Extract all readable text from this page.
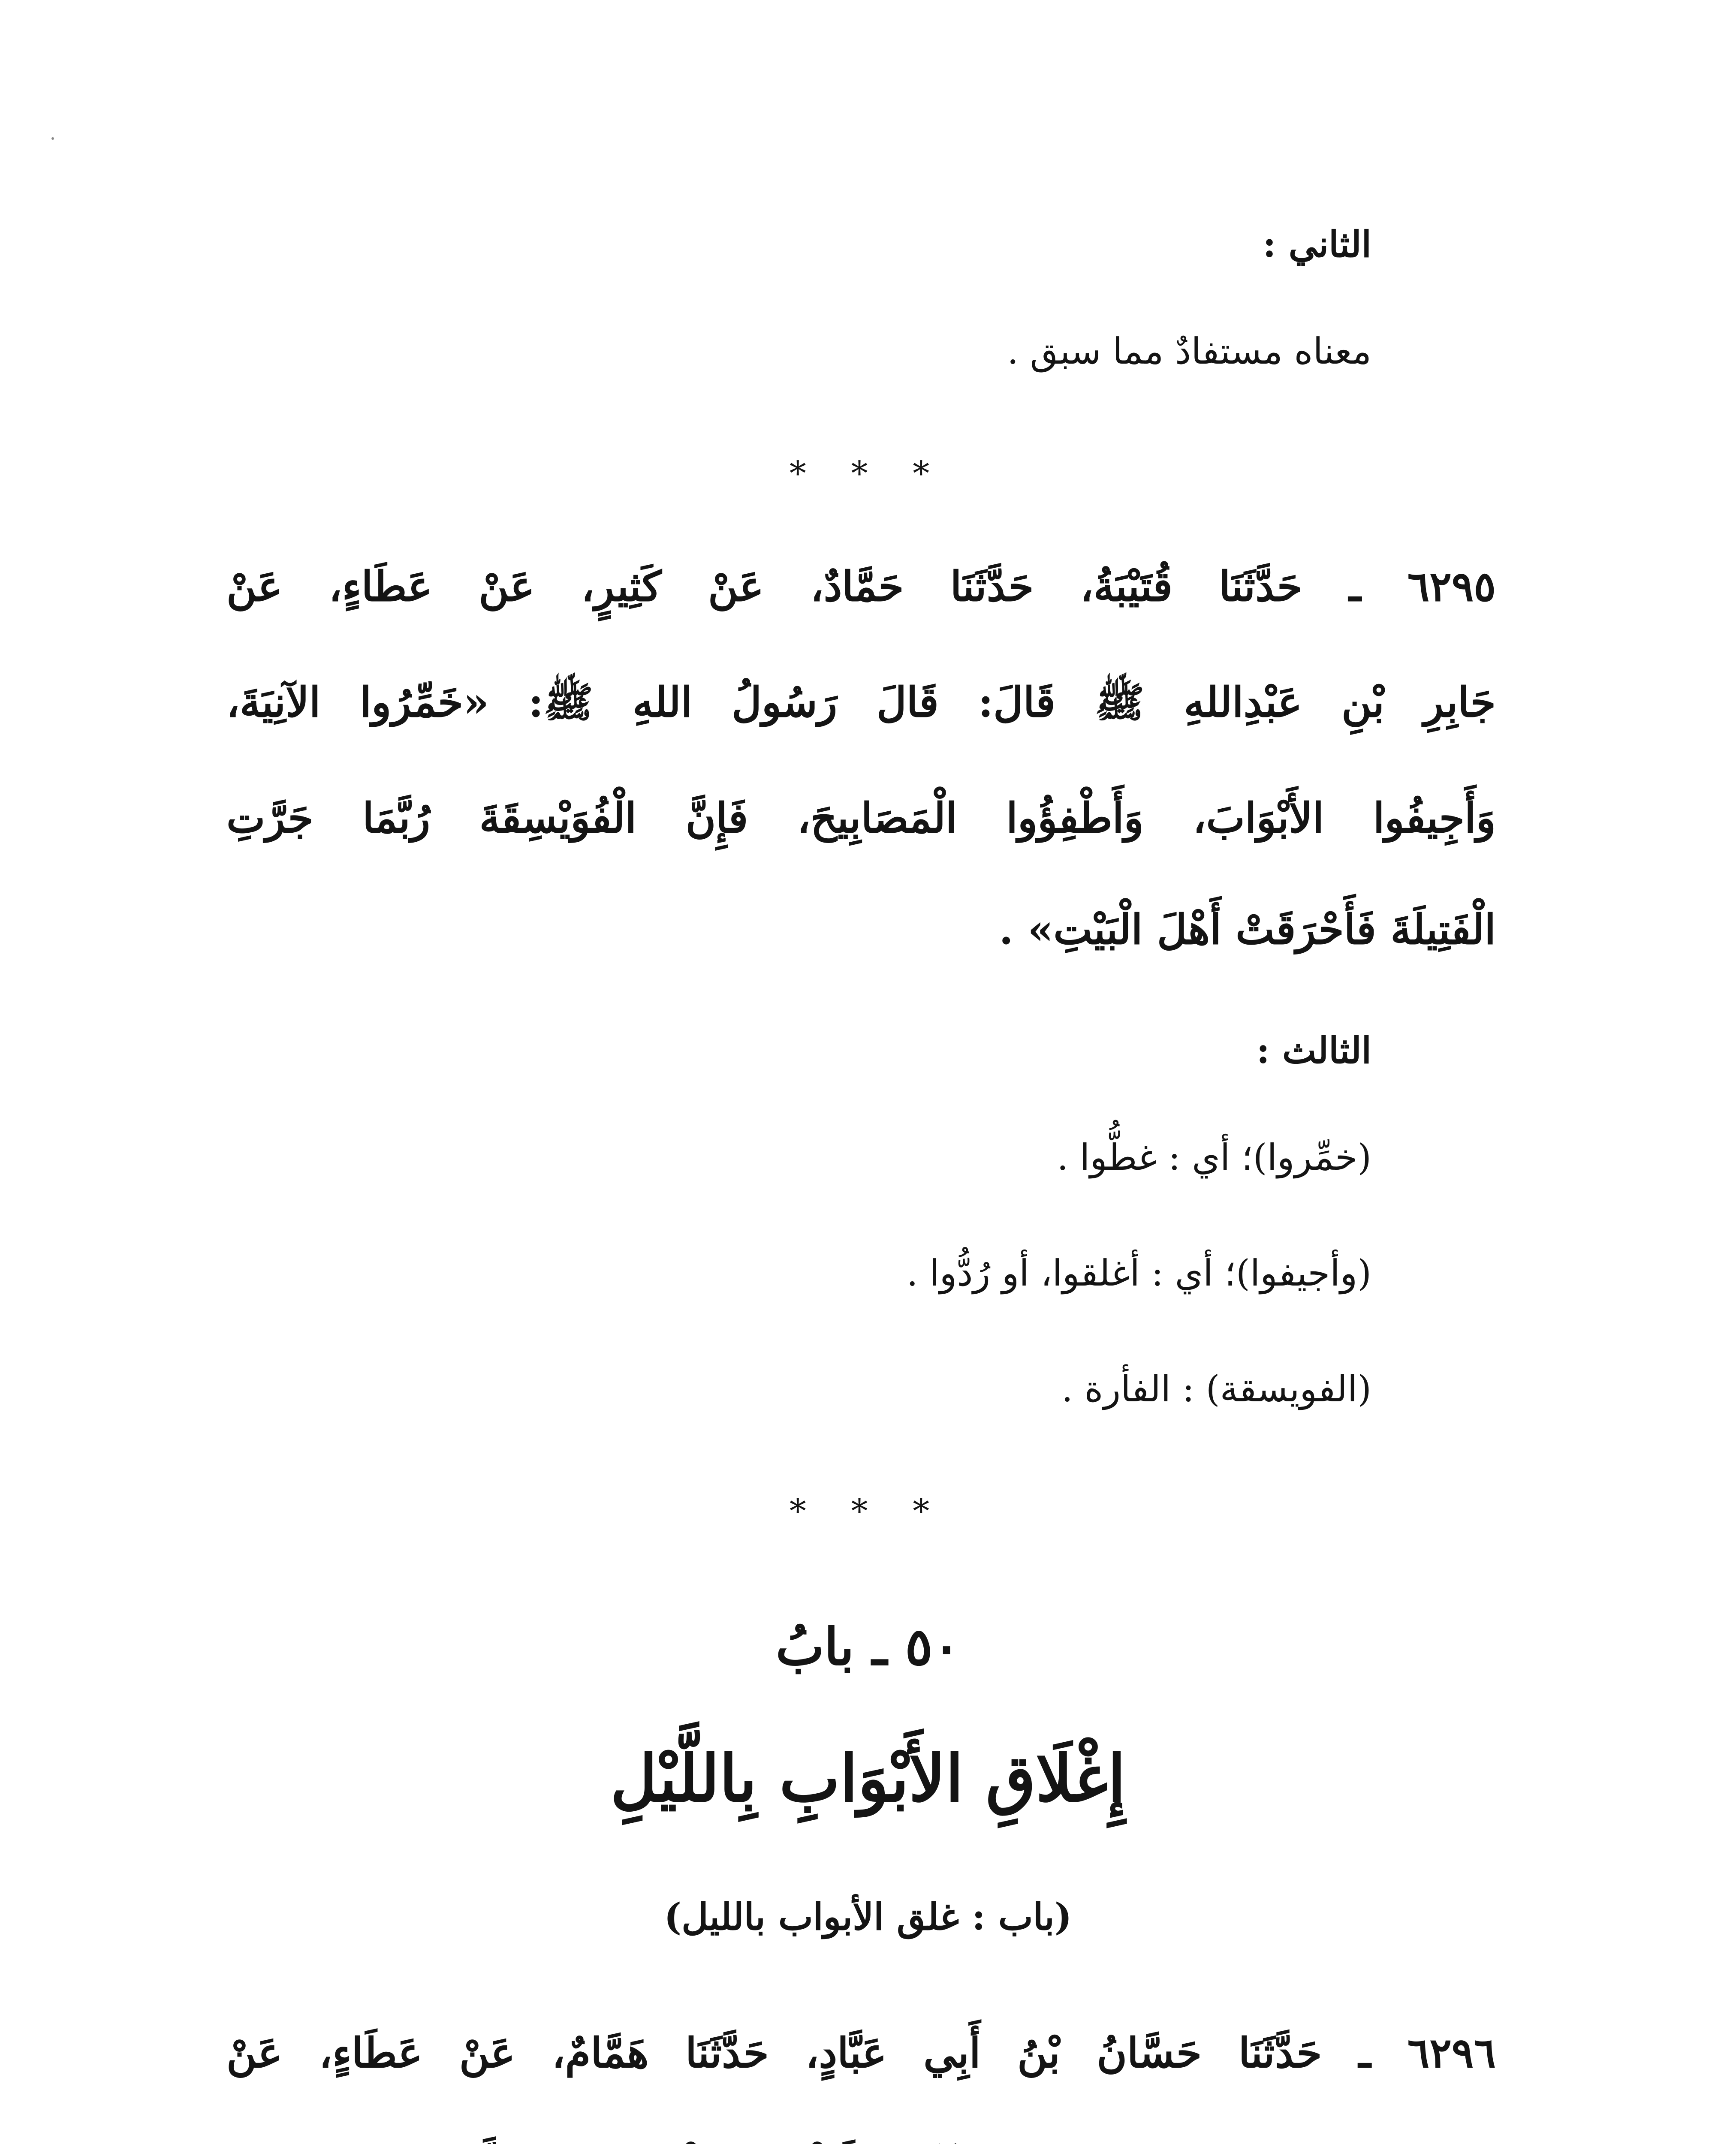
الثاني :
معناه مستفادٌ مما سبق .
* * *
٦٢٩٥ ـ حَدَّثَنَا قُتَيْبَةُ، حَدَّثَنَا حَمَّادٌ، عَنْ كَثِيرٍ، عَنْ عَطَاءٍ، عَنْ
جَابِرِ بْنِ عَبْدِاللهِ ﷺ قَالَ: قَالَ رَسُولُ اللهِ ﷺ: «خَمِّرُوا الآنِيَةَ،
وَأَجِيفُوا الأَبْوَابَ، وَأَطْفِؤُوا الْمَصَابِيحَ، فَإِنَّ الْفُوَيْسِقَةَ رُبَّمَا جَرَّتِ
الْفَتِيلَةَ فَأَحْرَقَتْ أَهْلَ الْبَيْتِ» .
الثالث :
(خمِّروا)؛ أي : غطُّوا .
(وأجيفوا)؛ أي : أغلقوا، أو رُدُّوا .
(الفويسقة) : الفأرة .
* * *
٥٠ ـ بابُ
إِغْلَاقِ الأَبْوَابِ بِاللَّيْلِ
(باب : غلق الأبواب بالليل)
٦٢٩٦ ـ حَدَّثَنَا حَسَّانُ بْنُ أَبِي عَبَّادٍ، حَدَّثَنَا هَمَّامٌ، عَنْ عَطَاءٍ، عَنْ
